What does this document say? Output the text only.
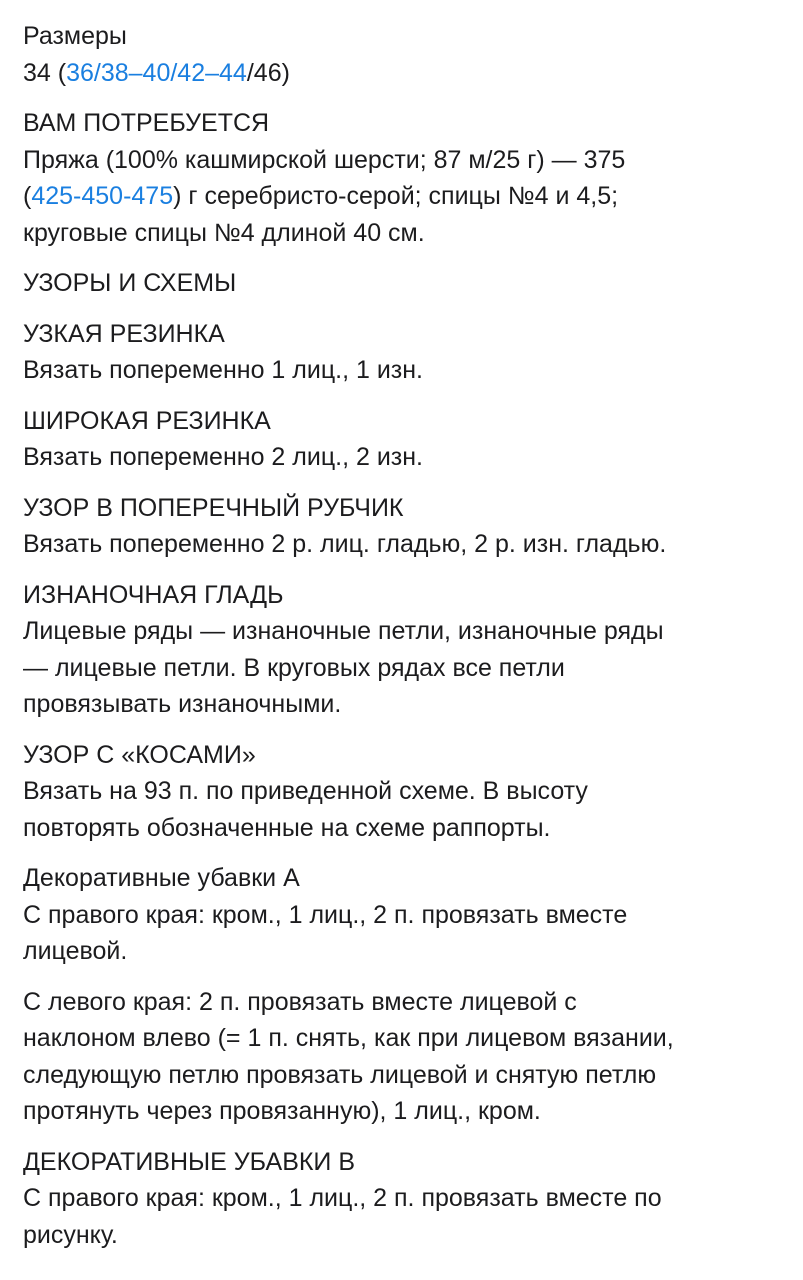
Размеры
34 (36/38–40/42–44/46)
ВАМ ПОТРЕБУЕТСЯ
Пряжа (100% кашмирской шерсти; 87 м/25 г) — 375
(425-450-475) г серебристо-серой; спицы №4 и 4,5;
круговые спицы №4 длиной 40 см.
УЗОРЫ И СХЕМЫ
УЗКАЯ РЕЗИНКА
Вязать попеременно 1 лиц., 1 изн.
ШИРОКАЯ РЕЗИНКА
Вязать попеременно 2 лиц., 2 изн.
УЗОР В ПОПЕРЕЧНЫЙ РУБЧИК
Вязать попеременно 2 р. лиц. гладью, 2 р. изн. гладью.
ИЗНАНОЧНАЯ ГЛАДЬ
Лицевые ряды — изнаночные петли, изнаночные ряды
— лицевые петли. В круговых рядах все петли
провязывать изнаночными.
УЗОР С «КОСАМИ»
Вязать на 93 п. по приведенной схеме. В высоту
повторять обозначенные на схеме раппорты.
Декоративные убавки А
С правого края: кром., 1 лиц., 2 п. провязать вместе
лицевой.
С левого края: 2 п. провязать вместе лицевой с
наклоном влево (= 1 п. снять, как при лицевом вязании,
следующую петлю провязать лицевой и снятую петлю
протянуть через провязанную), 1 лиц., кром.
ДЕКОРАТИВНЫЕ УБАВКИ В
С правого края: кром., 1 лиц., 2 п. провязать вместе по
рисунку.
